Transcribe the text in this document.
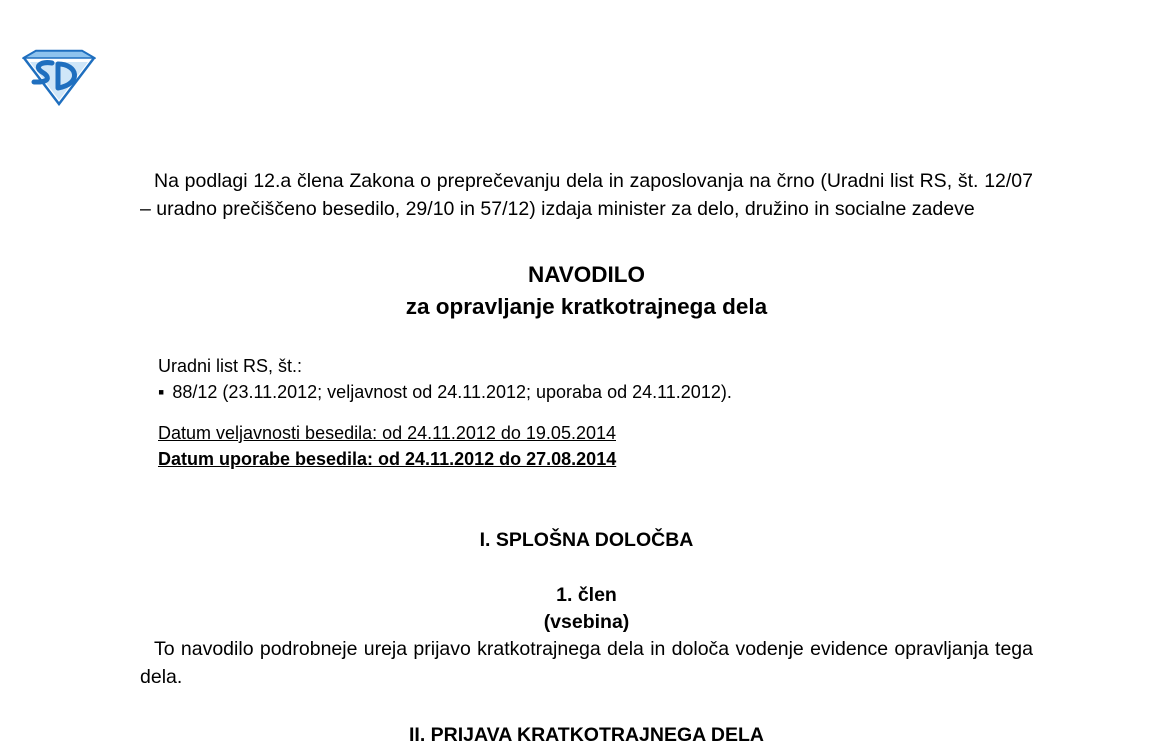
Na podlagi 12.a člena Zakona o preprečevanju dela in zaposlovanja na črno (Uradni list RS, št. 12/07 – uradno prečiščeno besedilo, 29/10 in 57/12) izdaja minister za delo, družino in socialne zadeve

NAVODILO
za opravljanje kratkotrajnega dela
Uradni list RS, št.:
▪ 88/12 (23.11.2012; veljavnost od 24.11.2012; uporaba od 24.11.2012).
Datum veljavnosti besedila: od 24.11.2012 do 19.05.2014
Datum uporabe besedila: od 24.11.2012 do 27.08.2014
I. SPLOŠNA DOLOČBA
1. člen
(vsebina)

To navodilo podrobneje ureja prijavo kratkotrajnega dela in določa vodenje evidence opravljanja tega dela.

II. PRIJAVA KRATKOTRAJNEGA DELA
